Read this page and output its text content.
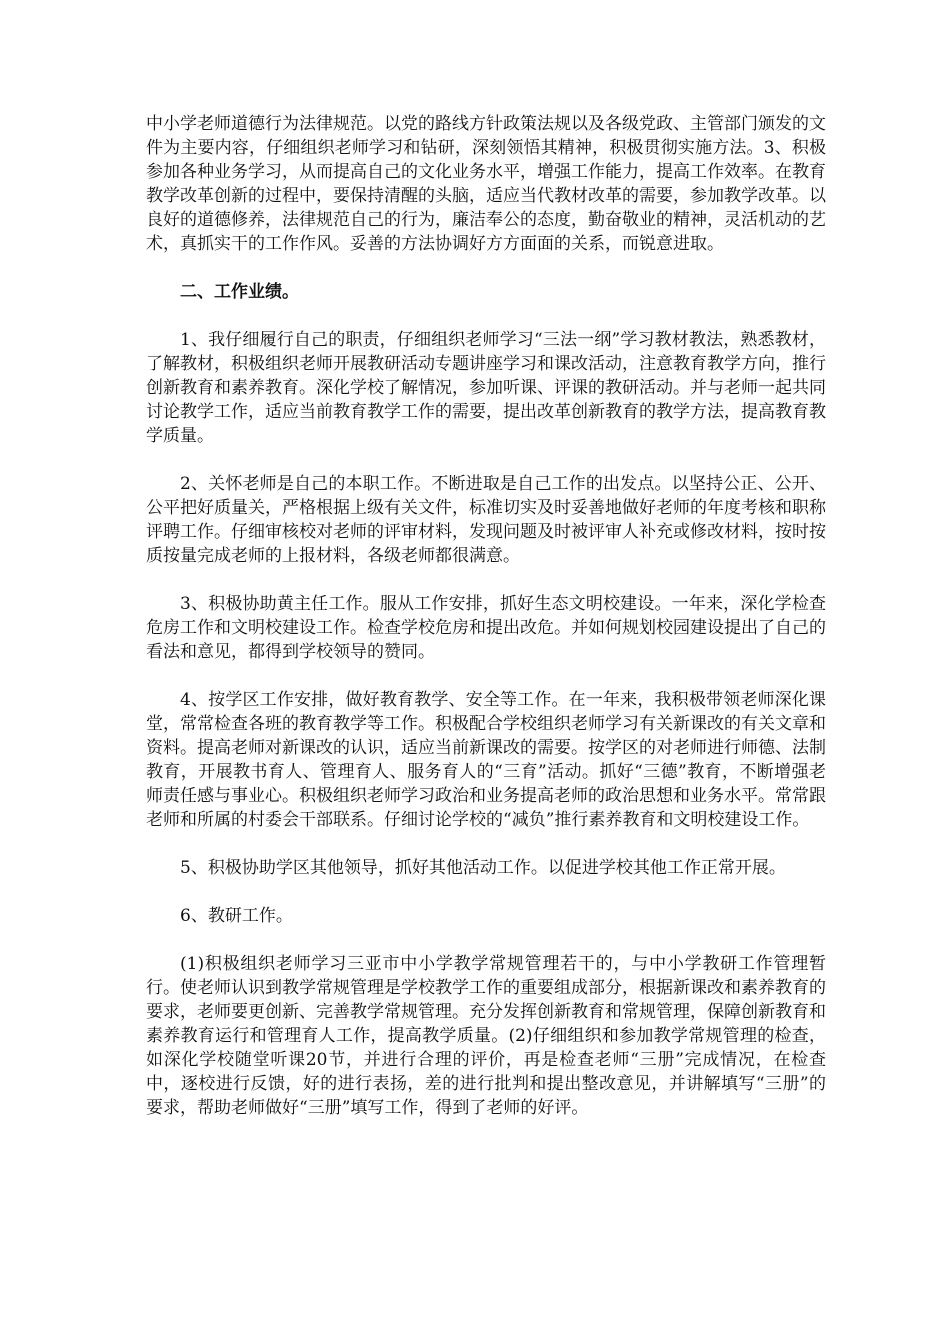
中小学老师道德行为法律规范。以党的路线方针政策法规以及各级党政、主管部门颁发的文件为主要内容，仔细组织老师学习和钻研，深刻领悟其精神，积极贯彻实施方法。3、积极参加各种业务学习，从而提高自己的文化业务水平，增强工作能力，提高工作效率。在教育教学改革创新的过程中，要保持清醒的头脑，适应当代教材改革的需要，参加教学改革。以良好的道德修养，法律规范自己的行为，廉洁奉公的态度，勤奋敬业的精神，灵活机动的艺术，真抓实干的工作作风。妥善的方法协调好方方面面的关系，而锐意进取。

二、工作业绩。

1、我仔细履行自己的职责，仔细组织老师学习“三法一纲”学习教材教法，熟悉教材，了解教材，积极组织老师开展教研活动专题讲座学习和课改活动，注意教育教学方向，推行创新教育和素养教育。深化学校了解情况，参加听课、评课的教研活动。并与老师一起共同讨论教学工作，适应当前教育教学工作的需要，提出改革创新教育的教学方法，提高教育教学质量。

2、关怀老师是自己的本职工作。不断进取是自己工作的出发点。以坚持公正、公开、公平把好质量关，严格根据上级有关文件，标准切实及时妥善地做好老师的年度考核和职称评聘工作。仔细审核校对老师的评审材料，发现问题及时被评审人补充或修改材料，按时按质按量完成老师的上报材料，各级老师都很满意。

3、积极协助黄主任工作。服从工作安排，抓好生态文明校建设。一年来，深化学检查危房工作和文明校建设工作。检查学校危房和提出改危。并如何规划校园建设提出了自己的看法和意见，都得到学校领导的赞同。

4、按学区工作安排，做好教育教学、安全等工作。在一年来，我积极带领老师深化课堂，常常检查各班的教育教学等工作。积极配合学校组织老师学习有关新课改的有关文章和资料。提高老师对新课改的认识，适应当前新课改的需要。按学区的对老师进行师德、法制教育，开展教书育人、管理育人、服务育人的“三育”活动。抓好“三德”教育，不断增强老师责任感与事业心。积极组织老师学习政治和业务提高老师的政治思想和业务水平。常常跟老师和所属的村委会干部联系。仔细讨论学校的“减负”推行素养教育和文明校建设工作。

5、积极协助学区其他领导，抓好其他活动工作。以促进学校其他工作正常开展。

6、教研工作。

(1)积极组织老师学习三亚市中小学教学常规管理若干的，与中小学教研工作管理暂行。使老师认识到教学常规管理是学校教学工作的重要组成部分，根据新课改和素养教育的要求，老师要更创新、完善教学常规管理。充分发挥创新教育和常规管理，保障创新教育和素养教育运行和管理育人工作，提高教学质量。(2)仔细组织和参加教学常规管理的检查，如深化学校随堂听课20节，并进行合理的评价，再是检查老师“三册”完成情况，在检查中，逐校进行反馈，好的进行表扬，差的进行批判和提出整改意见，并讲解填写“三册”的要求，帮助老师做好“三册”填写工作，得到了老师的好评。
